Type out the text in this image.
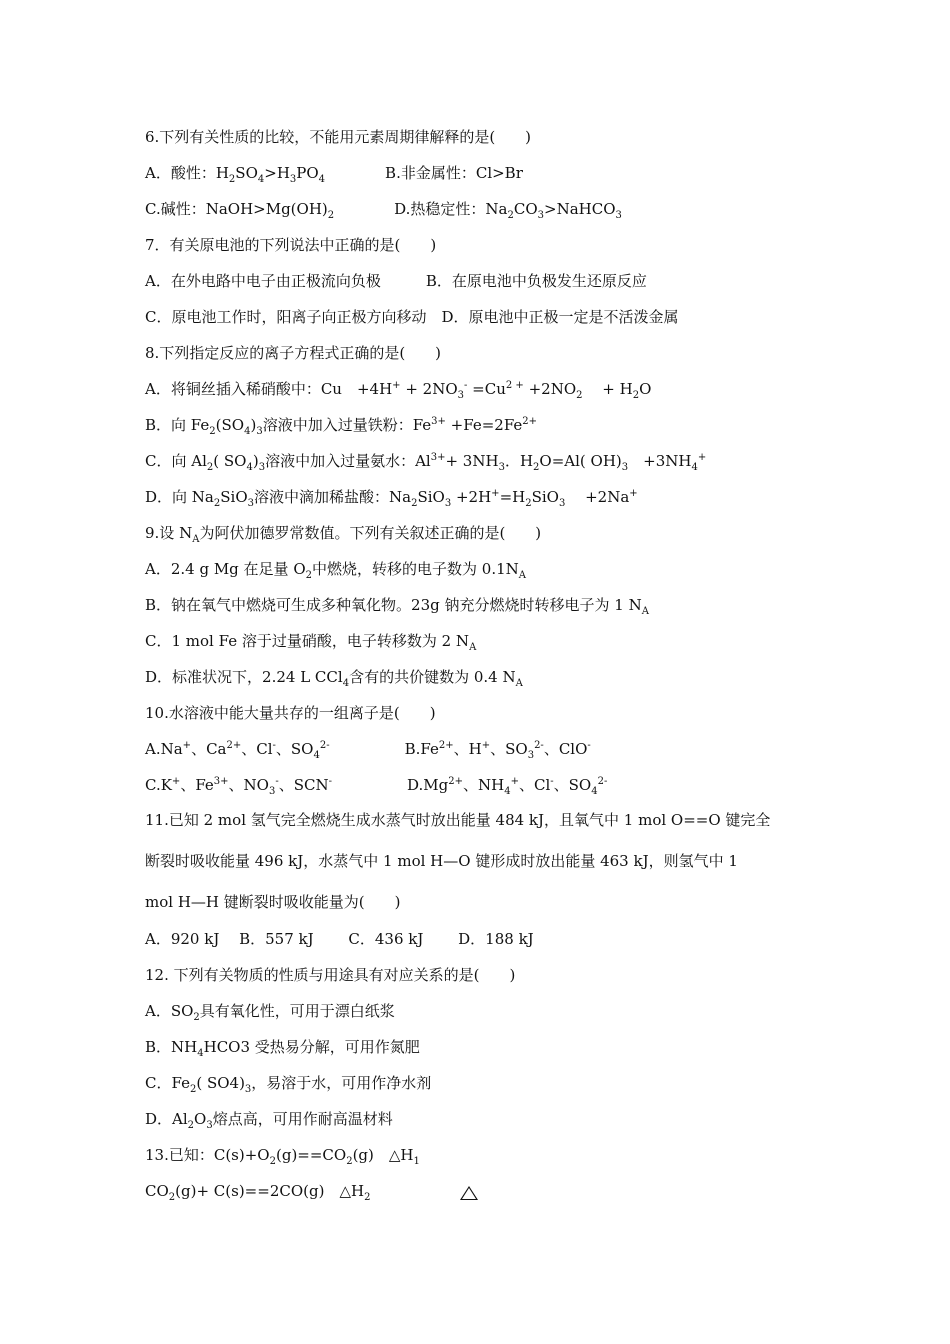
6.下列有关性质的比较，不能用元素周期律解释的是(　　)
A．酸性：$H_2SO_4>H_3PO_4$　　　　B.非金属性：Cl>Br
C.碱性：$NaOH>Mg(OH)_2$　　　　D.热稳定性：$Na_2CO_3>NaHCO_3$
7．有关原电池的下列说法中正确的是(　　)
A．在外电路中电子由正极流向负极　　　B．在原电池中负极发生还原反应
C．原电池工作时，阳离子向正极方向移动　D．原电池中正极一定是不活泼金属
8.下列指定反应的离子方程式正确的是(　　)
A．将铜丝插入稀硝酸中：Cu　$+4H^+ + 2NO_3^- =Cu^{2 +} +2NO_2$　 + $H_2O$
B．向 $Fe_2(SO_4)_3$溶液中加入过量铁粉：$Fe^{3+} +Fe=2Fe^{2+}$
C．向 $Al_2$( $SO_4)_3$溶液中加入过量氨水：$Al^{3+}+ 3NH_3$．$H_2O=Al$( $OH)_3$　$+3NH_4^+$
D．向 $Na_2SiO_3$溶液中滴加稀盐酸：$Na_2SiO_3 +2H^+=H_2SiO_3$　 +2Na+
9.设 $N_A$为阿伏加德罗常数值。下列有关叙述正确的是(　　)
A．2.4 g Mg 在足量 $O_2$中燃烧，转移的电子数为 $0.1N_A$
B．钠在氧气中燃烧可生成多种氧化物。23g 钠充分燃烧时转移电子为 1 $N_A$
C．1 mol Fe 溶于过量硝酸，电子转移数为 2 $N_A$
D．标准状况下，2.24 L CCl$_4$含有的共价键数为 0.4 $N_A$
10.水溶液中能大量共存的一组离子是(　　)
A.Na+、$Ca^{2+}$、Cl-、$SO_4^{2-}$　　　　　$B.Fe^{2+}$、H+、$SO_3^{2-}$、ClO-
C.K+、$Fe^{3+}$、$NO_3^-$、SCN-　　　　　$D.Mg^{2+}$、$NH_4^+$、Cl-、$SO_4^{2-}$
11.已知 2 mol 氢气完全燃烧生成水蒸气时放出能量 484 kJ，且氧气中 1 mol O==O 键完全
断裂时吸收能量 496 kJ，水蒸气中 1 mol H—O 键形成时放出能量 463 kJ，则氢气中 1
mol H—H 键断裂时吸收能量为(　　)
A．920 kJ　 B．557 kJ　　 C．436 kJ　　 D．188 kJ
12. 下列有关物质的性质与用途具有对应关系的是(　　)
A．$SO_2$具有氧化性，可用于漂白纸浆
B．$NH_4HCO3$ 受热易分解，可用作氮肥
C．$Fe_2$( $SO4)_3$，易溶于水，可用作净水剂
D．$Al_2O_3$熔点高，可用作耐高温材料
13.已知：$C(s)+O_2(g)==CO_2(g)$　$\triangle H_1$
$CO_2(g)+ C(s)==2CO(g)$　$\triangle H_2$
